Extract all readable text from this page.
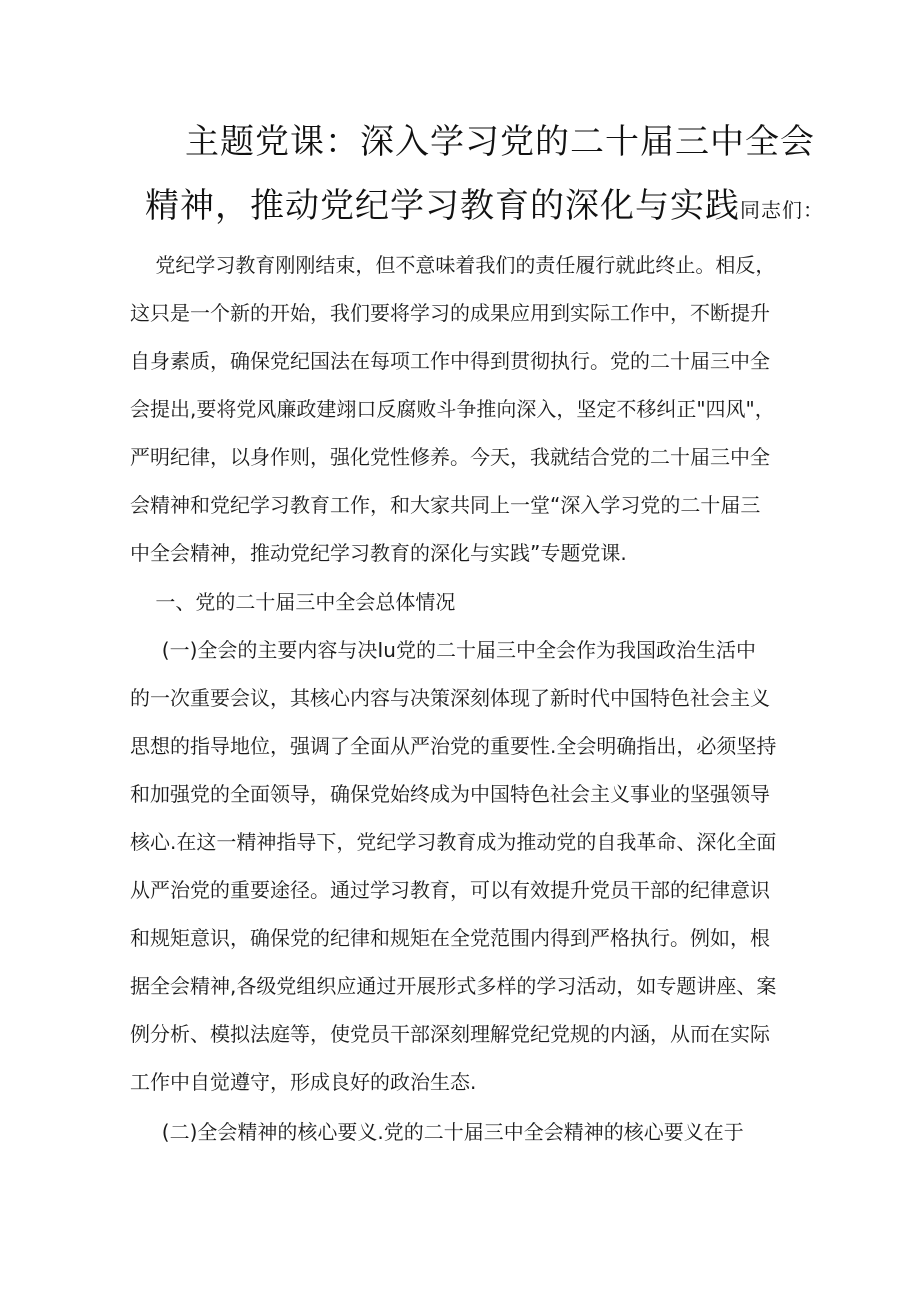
主题党课：深入学习党的二十届三中全会
精神，推动党纪学习教育的深化与实践同志们：
党纪学习教育刚刚结束，但不意味着我们的责任履行就此终止。相反，
这只是一个新的开始，我们要将学习的成果应用到实际工作中，不断提升
自身素质，确保党纪国法在每项工作中得到贯彻执行。党的二十届三中全
会提出,要将党风廉政建翊口反腐败斗争推向深入，坚定不移纠正"四风"，
严明纪律，以身作则，强化党性修养。今天，我就结合党的二十届三中全
会精神和党纪学习教育工作，和大家共同上一堂“深入学习党的二十届三
中全会精神，推动党纪学习教育的深化与实践”专题党课.
一、党的二十届三中全会总体情况
(一)全会的主要内容与决Iu党的二十届三中全会作为我国政治生活中
的一次重要会议，其核心内容与决策深刻体现了新时代中国特色社会主义
思想的指导地位，强调了全面从严治党的重要性.全会明确指出，必须坚持
和加强党的全面领导，确保党始终成为中国特色社会主义事业的坚强领导
核心.在这一精神指导下，党纪学习教育成为推动党的自我革命、深化全面
从严治党的重要途径。通过学习教育，可以有效提升党员干部的纪律意识
和规矩意识，确保党的纪律和规矩在全党范围内得到严格执行。例如，根
据全会精神,各级党组织应通过开展形式多样的学习活动，如专题讲座、案
例分析、模拟法庭等，使党员干部深刻理解党纪党规的内涵，从而在实际
工作中自觉遵守，形成良好的政治生态.
(二)全会精神的核心要义.党的二十届三中全会精神的核心要义在于
